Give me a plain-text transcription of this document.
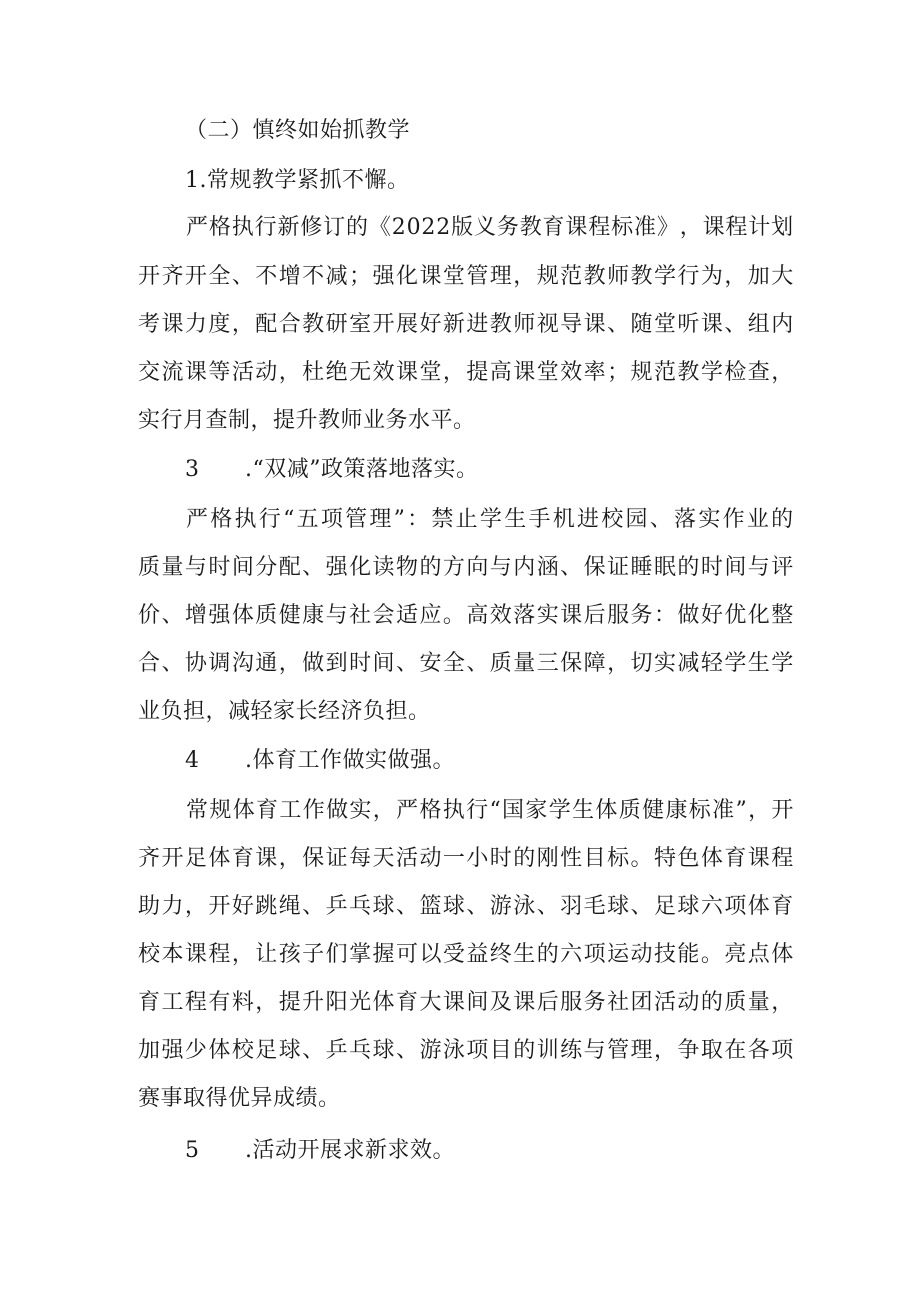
（二）慎终如始抓教学
1.常规教学紧抓不懈。
严 格 执 行 新 修 订 的 《 2 0 2 2 版 义 务 教 育 课 程 标 准 》 ， 课 程 计 划
开 齐 开 全 、 不 增 不 减 ； 强 化 课 堂 管 理 ， 规 范 教 师 教 学 行 为 ， 加 大
考 课 力 度 ， 配 合 教 研 室 开 展 好 新 进 教 师 视 导 课 、 随 堂 听 课 、 组 内
交 流 课 等 活 动 ， 杜 绝 无 效 课 堂 ， 提 高 课 堂 效 率 ； 规 范 教 学 检 查 ，
实行月查制，提升教师业务水平。
3 .“双减”政策落地落实。
严 格 执 行 “ 五 项 管 理 ” ： 禁 止 学 生 手 机 进 校 园 、 落 实 作 业 的
质 量 与 时 间 分 配 、 强 化 读 物 的 方 向 与 内 涵 、 保 证 睡 眠 的 时 间 与 评
价 、 增 强 体 质 健 康 与 社 会 适 应 。 高 效 落 实 课 后 服 务 ： 做 好 优 化 整
合 、 协 调 沟 通 ， 做 到 时 间 、 安 全 、 质 量 三 保 障 ， 切 实 减 轻 学 生 学
业负担，减轻家长经济负担。
4 .体育工作做实做强。
常 规 体 育 工 作 做 实 ， 严 格 执 行 “ 国 家 学 生 体 质 健 康 标 准 ” ， 开
齐 开 足 体 育 课 ， 保 证 每 天 活 动 一 小 时 的 刚 性 目 标 。 特 色 体 育 课 程
助 力 ， 开 好 跳 绳 、 乒 乓 球 、 篮 球 、 游 泳 、 羽 毛 球 、 足 球 六 项 体 育
校 本 课 程 ， 让 孩 子 们 掌 握 可 以 受 益 终 生 的 六 项 运 动 技 能 。 亮 点 体
育 工 程 有 料 ， 提 升 阳 光 体 育 大 课 间 及 课 后 服 务 社 团 活 动 的 质 量 ，
加 强 少 体 校 足 球 、 乒 乓 球 、 游 泳 项 目 的 训 练 与 管 理 ， 争 取 在 各 项
赛事取得优异成绩。
5 .活动开展求新求效。
